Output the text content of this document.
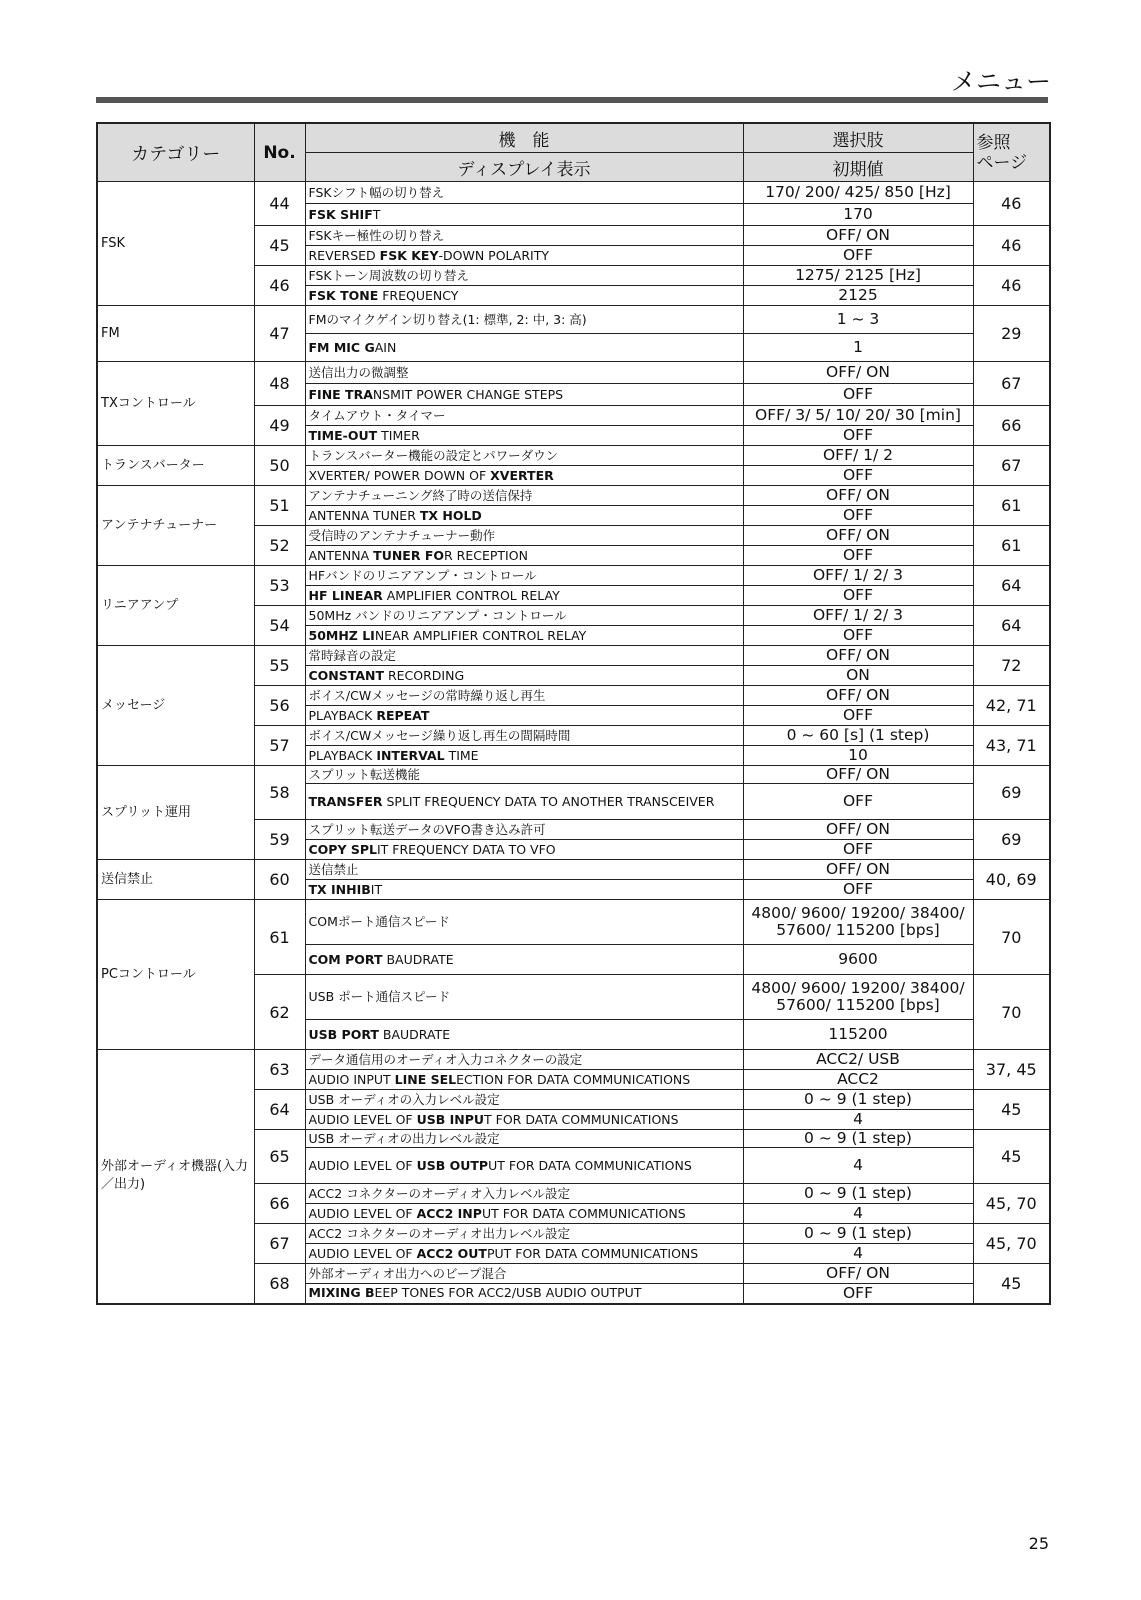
メニュー
カテゴリー	No.	機　能	選択肢	参照
ページ
		ディスプレイ表示	初期値	
FSK	44	FSKシフト幅の切り替え	170/ 200/ 425/ 850 [Hz]	46
		FSK SHIFT	170	
	45	FSKキー極性の切り替え	OFF/ ON	46
		REVERSED FSK KEY-DOWN POLARITY	OFF	
	46	FSKトーン周波数の切り替え	1275/ 2125 [Hz]	46
		FSK TONE FREQUENCY	2125	
FM	47	FMのマイクゲイン切り替え(1: 標準, 2: 中, 3: 高)	1 ~ 3	29
		FM MIC GAIN	1	
TXコントロール	48	送信出力の微調整	OFF/ ON	67
		FINE TRANSMIT POWER CHANGE STEPS	OFF	
	49	タイムアウト・タイマー	OFF/ 3/ 5/ 10/ 20/ 30 [min]	66
		TIME-OUT TIMER	OFF	
トランスバーター	50	トランスバーター機能の設定とパワーダウン	OFF/ 1/ 2	67
		XVERTER/ POWER DOWN OF XVERTER	OFF	
アンテナチューナー	51	アンテナチューニング終了時の送信保持	OFF/ ON	61
		ANTENNA TUNER TX HOLD	OFF	
	52	受信時のアンテナチューナー動作	OFF/ ON	61
		ANTENNA TUNER FOR RECEPTION	OFF	
リニアアンプ	53	HFバンドのリニアアンプ・コントロール	OFF/ 1/ 2/ 3	64
		HF LINEAR AMPLIFIER CONTROL RELAY	OFF	
	54	50MHz バンドのリニアアンプ・コントロール	OFF/ 1/ 2/ 3	64
		50MHZ LINEAR AMPLIFIER CONTROL RELAY	OFF	
メッセージ	55	常時録音の設定	OFF/ ON	72
		CONSTANT RECORDING	ON	
	56	ボイス/CWメッセージの常時繰り返し再生	OFF/ ON	42, 71
		PLAYBACK REPEAT	OFF	
	57	ボイス/CWメッセージ繰り返し再生の間隔時間	0 ~ 60 [s] (1 step)	43, 71
		PLAYBACK INTERVAL TIME	10	
スプリット運用	58	スプリット転送機能	OFF/ ON	69
		TRANSFER SPLIT FREQUENCY DATA TO ANOTHER TRANSCEIVER	OFF	
	59	スプリット転送データのVFO書き込み許可	OFF/ ON	69
		COPY SPLIT FREQUENCY DATA TO VFO	OFF	
送信禁止	60	送信禁止	OFF/ ON	40, 69
		TX INHIBIT	OFF	
PCコントロール	61	COMポート通信スピード	4800/ 9600/ 19200/ 38400/ 57600/ 115200 [bps]	70
		COM PORT BAUDRATE	9600	
	62	USB ポート通信スピード	4800/ 9600/ 19200/ 38400/ 57600/ 115200 [bps]	70
		USB PORT BAUDRATE	115200	
外部オーディオ機器(入力／出力)	63	データ通信用のオーディオ入力コネクターの設定	ACC2/ USB	37, 45
		AUDIO INPUT LINE SELECTION FOR DATA COMMUNICATIONS	ACC2	
	64	USB オーディオの入力レベル設定	0 ~ 9 (1 step)	45
		AUDIO LEVEL OF USB INPUT FOR DATA COMMUNICATIONS	4	
	65	USB オーディオの出力レベル設定	0 ~ 9 (1 step)	45
		AUDIO LEVEL OF USB OUTPUT FOR DATA COMMUNICATIONS	4	
	66	ACC2 コネクターのオーディオ入力レベル設定	0 ~ 9 (1 step)	45, 70
		AUDIO LEVEL OF ACC2 INPUT FOR DATA COMMUNICATIONS	4	
	67	ACC2 コネクターのオーディオ出力レベル設定	0 ~ 9 (1 step)	45, 70
		AUDIO LEVEL OF ACC2 OUTPUT FOR DATA COMMUNICATIONS	4	
	68	外部オーディオ出力へのビープ混合	OFF/ ON	45
		MIXING BEEP TONES FOR ACC2/USB AUDIO OUTPUT	OFF	
25
